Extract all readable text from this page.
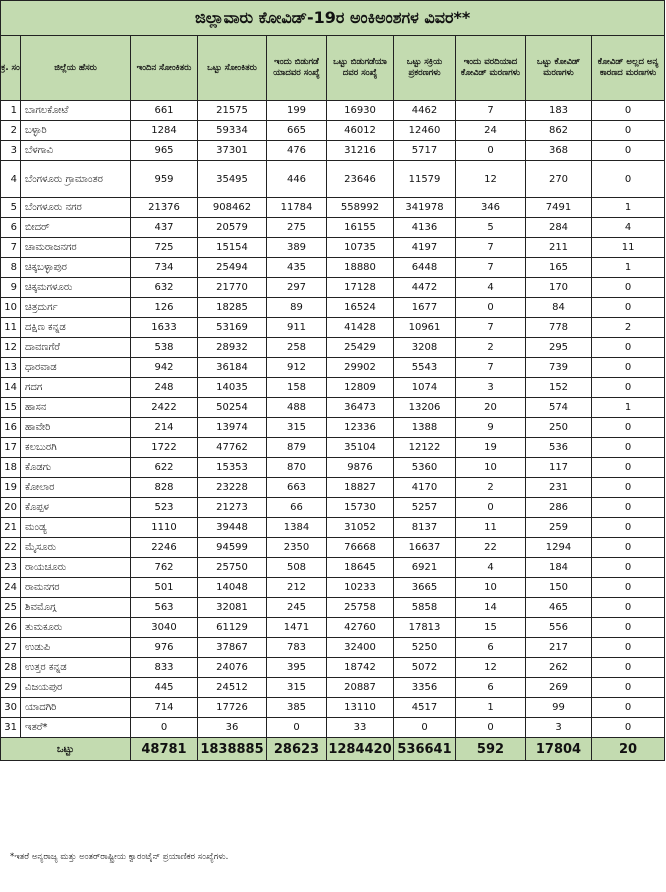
ಜಿಲ್ಲಾವಾರು ಕೋವಿಡ್-19ರ ಅಂಕಿಅಂಶಗಳ ವಿವರ**									
ಕ್ರ. ಸಂ	ಜಿಲ್ಲೆಯ ಹೆಸರು	ಇಂದಿನ ಸೋಂಕಿತರು	ಒಟ್ಟು ಸೋಂಕಿತರು	ಇಂದು ಬಿಡುಗಡೆ ಯಾದವರ ಸಂಖ್ಯೆ	ಒಟ್ಟು ಬಿಡುಗಡೆಯಾ ದವರ ಸಂಖ್ಯೆ	ಒಟ್ಟು ಸಕ್ರಿಯ ಪ್ರಕರಣಗಳು	ಇಂದು ವರದಿಯಾದ ಕೋವಿಡ್ ಮರಣಗಳು	ಒಟ್ಟು ಕೋವಿಡ್ ಮರಣಗಳು	ಕೋವಿಡ್ ಅಲ್ಲದ ಅನ್ಯ ಕಾರಣದ ಮರಣಗಳು
1	ಬಾಗಲಕೋಟೆ	661	21575	199	16930	4462	7	183	0
2	ಬಳ್ಳಾರಿ	1284	59334	665	46012	12460	24	862	0
3	ಬೆಳಗಾವಿ	965	37301	476	31216	5717	0	368	0
4	ಬೆಂಗಳೂರು ಗ್ರಾಮಾಂತರ	959	35495	446	23646	11579	12	270	0
5	ಬೆಂಗಳೂರು ನಗರ	21376	908462	11784	558992	341978	346	7491	1
6	ಬೀದರ್	437	20579	275	16155	4136	5	284	4
7	ಚಾಮರಾಜನಗರ	725	15154	389	10735	4197	7	211	11
8	ಚಿಕ್ಕಬಳ್ಳಾಪುರ	734	25494	435	18880	6448	7	165	1
9	ಚಿಕ್ಕಮಗಳೂರು	632	21770	297	17128	4472	4	170	0
10	ಚಿತ್ರದುರ್ಗ	126	18285	89	16524	1677	0	84	0
11	ದಕ್ಷಿಣ ಕನ್ನಡ	1633	53169	911	41428	10961	7	778	2
12	ದಾವಣಗೆರೆ	538	28932	258	25429	3208	2	295	0
13	ಧಾರವಾಡ	942	36184	912	29902	5543	7	739	0
14	ಗದಗ	248	14035	158	12809	1074	3	152	0
15	ಹಾಸನ	2422	50254	488	36473	13206	20	574	1
16	ಹಾವೇರಿ	214	13974	315	12336	1388	9	250	0
17	ಕಲಬುರಗಿ	1722	47762	879	35104	12122	19	536	0
18	ಕೊಡಗು	622	15353	870	9876	5360	10	117	0
19	ಕೋಲಾರ	828	23228	663	18827	4170	2	231	0
20	ಕೊಪ್ಪಳ	523	21273	66	15730	5257	0	286	0
21	ಮಂಡ್ಯ	1110	39448	1384	31052	8137	11	259	0
22	ಮೈಸೂರು	2246	94599	2350	76668	16637	22	1294	0
23	ರಾಯಚೂರು	762	25750	508	18645	6921	4	184	0
24	ರಾಮನಗರ	501	14048	212	10233	3665	10	150	0
25	ಶಿವಮೊಗ್ಗ	563	32081	245	25758	5858	14	465	0
26	ತುಮಕೂರು	3040	61129	1471	42760	17813	15	556	0
27	ಉಡುಪಿ	976	37867	783	32400	5250	6	217	0
28	ಉತ್ತರ ಕನ್ನಡ	833	24076	395	18742	5072	12	262	0
29	ವಿಜಯಪುರ	445	24512	315	20887	3356	6	269	0
30	ಯಾದಗಿರಿ	714	17726	385	13110	4517	1	99	0
31	ಇತರೆ*	0	36	0	33	0	0	3	0
ಒಟ್ಟು		48781	1838885	28623	1284420	536641	592	17804	20
*ಇತರೆ ಅನ್ಯರಾಜ್ಯ ಮತ್ತು ಅಂತರ್‌ರಾಷ್ಟ್ರೀಯ ಕ್ವಾರಂಟೈನ್ ಪ್ರಯಾಣಿಕರ ಸಂಖ್ಯೆಗಳು.
